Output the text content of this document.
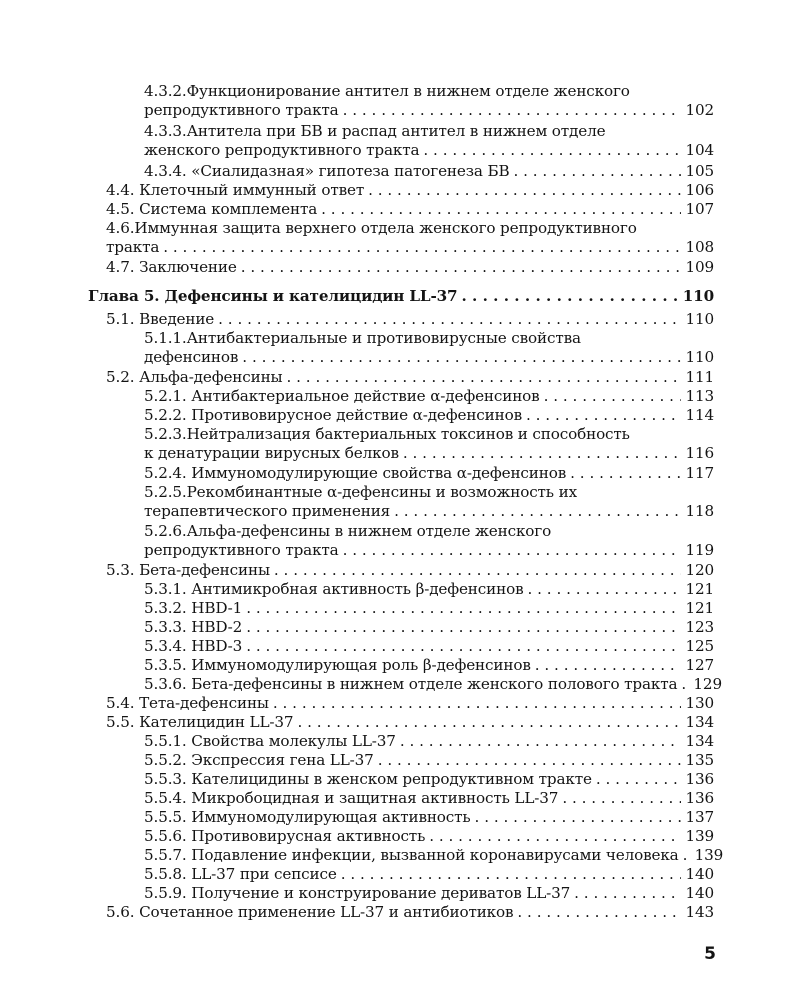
4.3.2. Функционирование антител в нижнем отделе женского
репродуктивного тракта . . .	102
4.3.3. Антитела при БВ и распад антител в нижнем отделе
женского репродуктивного тракта . . .	104
4.3.4. «Сиалидазная» гипотеза патогенеза БВ . . .	105
4.4. Клеточный иммунный ответ . . .	106
4.5. Система комплемента . . .	107
4.6. Иммунная защита верхнего отдела женского репродуктивного
тракта . . .	108
4.7. Заключение . . .	109
Глава 5. Дефенсины и кателицидин LL-37 . . .	110
5.1. Введение . . .	110
5.1.1. Антибактериальные и противовирусные свойства
дефенсинов . . .	110
5.2. Альфа-дефенсины . . .	111
5.2.1. Антибактериальное действие α-дефенсинов . . .	113
5.2.2. Противовирусное действие α-дефенсинов . . .	114
5.2.3. Нейтрализация бактериальных токсинов и способность
к денатурации вирусных белков . . .	116
5.2.4. Иммуномодулирующие свойства α-дефенсинов . . .	117
5.2.5. Рекомбинантные α-дефенсины и возможность их
терапевтического применения . . .	118
5.2.6. Альфа-дефенсины в нижнем отделе женского
репродуктивного тракта . . .	119
5.3. Бета-дефенсины . . .	120
5.3.1. Антимикробная активность β-дефенсинов . . .	121
5.3.2. HBD-1 . . .	121
5.3.3. HBD-2 . . .	123
5.3.4. HBD-3 . . .	125
5.3.5. Иммуномодулирующая роль β-дефенсинов . . .	127
5.3.6. Бета-дефенсины в нижнем отделе женского полового тракта . . . 129
5.4. Тета-дефенсины . . .	130
5.5. Кателицидин LL-37 . . .	134
5.5.1. Свойства молекулы LL-37 . . .	134
5.5.2. Экспрессия гена LL-37 . . .	135
5.5.3. Кателицидины в женском репродуктивном тракте . . .	136
5.5.4. Микробоцидная и защитная активность LL-37 . . .	136
5.5.5. Иммуномодулирующая активность . . .	137
5.5.6. Противовирусная активность . . .	139
5.5.7. Подавление инфекции, вызванной коронавирусами человека . . . 139
5.5.8. LL-37 при сепсисе . . .	140
5.5.9. Получение и конструирование дериватов LL-37 . . .	140
5.6. Сочетанное применение LL-37 и антибиотиков . . .	143
5
